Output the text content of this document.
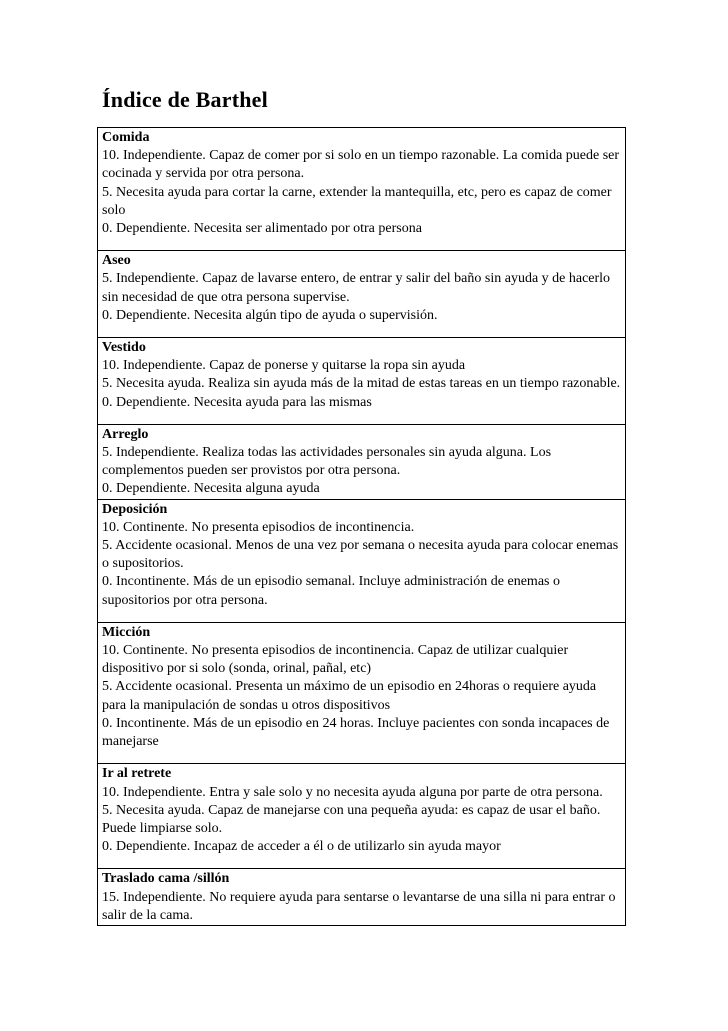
Índice de Barthel
Comida
10. Independiente. Capaz de comer por si solo en un tiempo razonable. La comida puede ser cocinada y servida por otra persona.
5. Necesita ayuda para cortar la carne, extender la mantequilla, etc, pero es capaz de comer solo
0. Dependiente. Necesita ser alimentado por otra persona

Aseo
5. Independiente. Capaz de lavarse entero, de entrar y salir del baño sin ayuda y de hacerlo sin necesidad de que otra persona supervise.
0. Dependiente. Necesita algún tipo de ayuda o supervisión.

Vestido
10. Independiente. Capaz de ponerse y quitarse la ropa sin ayuda
5. Necesita ayuda. Realiza sin ayuda más de la mitad de estas tareas en un tiempo razonable.
0. Dependiente. Necesita ayuda para las mismas

Arreglo
5. Independiente. Realiza todas las actividades personales sin ayuda alguna. Los complementos pueden ser provistos por otra persona.
0. Dependiente. Necesita alguna ayuda

Deposición
10. Continente. No presenta episodios de incontinencia.
5. Accidente ocasional. Menos de una vez por semana o necesita ayuda para colocar enemas o supositorios.
0. Incontinente. Más de un episodio semanal. Incluye administración de enemas o supositorios por otra persona.

Micción
10. Continente. No presenta episodios de incontinencia. Capaz de utilizar cualquier dispositivo por si solo (sonda, orinal, pañal, etc)
5. Accidente ocasional. Presenta un máximo de un episodio en 24horas o requiere ayuda para la manipulación de sondas u otros dispositivos
0. Incontinente. Más de un episodio en 24 horas. Incluye pacientes con sonda incapaces de manejarse

Ir al retrete
10. Independiente. Entra y sale solo y no necesita ayuda alguna por parte de otra persona.
5. Necesita ayuda. Capaz de manejarse con una pequeña ayuda: es capaz de usar el baño. Puede limpiarse solo.
0. Dependiente. Incapaz de acceder a él o de utilizarlo sin ayuda mayor

Traslado cama /sillón
15. Independiente. No requiere ayuda para sentarse o levantarse de una silla ni para entrar o salir de la cama.
